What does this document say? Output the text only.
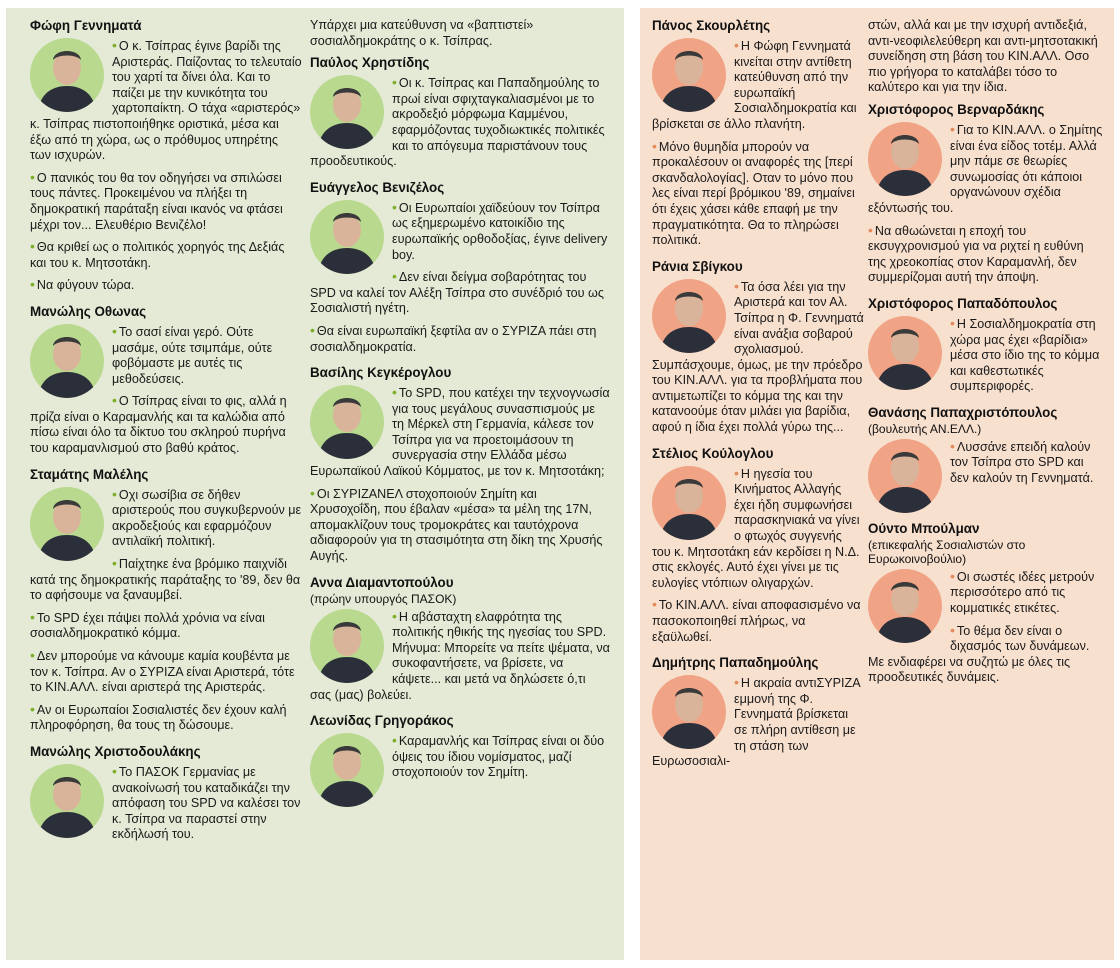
Φώφη Γεννηματά

• Ο κ. Τσίπρας έγινε βαρίδι της Αριστεράς. Παίζοντας το τελευταίο του χαρτί τα δίνει όλα. Και το παίζει με την κυνικότητα του χαρτοπαίκτη. Ο τάχα «αριστερός» κ. Τσίπρας πιστοποιήθηκε οριστικά, μέσα και έξω από τη χώρα, ως ο πρόθυμος υπηρέτης των ισχυρών.

• Ο πανικός του θα τον οδηγήσει να σπιλώσει τους πάντες. Προκειμένου να πλήξει τη δημοκρατική παράταξη είναι ικανός να φτάσει μέχρι τον... Ελευθέριο Βενιζέλο!

• Θα κριθεί ως ο πολιτικός χορηγός της Δεξιάς και του κ. Μητσοτάκη.

• Να φύγουν τώρα.

Μανώλης Οθωνας

• Το σασί είναι γερό. Ούτε μασάμε, ούτε τσιμπάμε, ούτε φοβόμαστε με αυτές τις μεθοδεύσεις.

• Ο Τσίπρας είναι το φις, αλλά η πρίζα είναι ο Καραμανλής και τα καλώδια από πίσω είναι όλο τα δίκτυο του σκληρού πυρήνα του καραμανλισμού στο βαθύ κράτος.

Σταμάτης Μαλέλης

• Οχι σωσίβια σε δήθεν αριστερούς που συγκυβερνούν με ακροδεξιούς και εφαρμόζουν αντιλαϊκή πολιτική.

• Παίχτηκε ένα βρόμικο παιχνίδι κατά της δημοκρατικής παράταξης το '89, δεν θα το αφήσουμε να ξαναυμβεί.

• Το SPD έχει πάψει πολλά χρόνια να είναι σοσιαλδημοκρατικό κόμμα.

• Δεν μπορούμε να κάνουμε καμία κουβέντα με τον κ. Τσίπρα. Αν ο ΣΥΡΙΖΑ είναι Αριστερά, τότε το ΚΙΝ.ΑΛΛ. είναι αριστερά της Αριστεράς.

• Αν οι Ευρωπαίοι Σοσιαλιστές δεν έχουν καλή πληροφόρηση, θα τους τη δώσουμε.

Μανώλης Χριστοδουλάκης

• Το ΠΑΣΟΚ Γερμανίας με ανακοίνωσή του καταδικάζει την απόφαση του SPD να καλέσει τον κ. Τσίπρα να παραστεί στην εκδήλωσή του.

Υπάρχει μια κατεύθυνση να «βαπτιστεί» σοσιαλδημοκράτης ο κ. Τσίπρας.

Παύλος Χρηστίδης

• Οι κ. Τσίπρας και Παπαδημούλης το πρωί είναι σφιχταγκαλιασμένοι με το ακροδεξιό μόρφωμα Καμμένου, εφαρμόζοντας τυχοδιωκτικές πολιτικές και το απόγευμα παριστάνουν τους προοδευτικούς.

Ευάγγελος Βενιζέλος

• Οι Ευρωπαίοι χαϊδεύουν τον Τσίπρα ως εξημερωμένο κατοικίδιο της ευρωπαϊκής ορθοδοξίας, έγινε delivery boy.

• Δεν είναι δείγμα σοβαρότητας του SPD να καλεί τον Αλέξη Τσίπρα στο συνέδριό του ως Σοσιαλιστή ηγέτη.

• Θα είναι ευρωπαϊκή ξεφτίλα αν ο ΣΥΡΙΖΑ πάει στη σοσιαλδημοκρατία.

Βασίλης Κεγκέρογλου

• Το SPD, που κατέχει την τεχνογνωσία για τους μεγάλους συνασπισμούς με τη Μέρκελ στη Γερμανία, κάλεσε τον Τσίπρα για να προετοιμάσουν τη συνεργασία στην Ελλάδα μέσω Ευρωπαϊκού Λαϊκού Κόμματος, με τον κ. Μητσοτάκη;

• Οι ΣΥΡΙΖΑΝΕΛ στοχοποιούν Σημίτη και Χρυσοχοΐδη, που έβαλαν «μέσα» τα μέλη της 17Ν, απομακλίζουν τους τρομοκράτες και ταυτόχρονα αδιαφορούν για τη στασιμότητα στη δίκη της Χρυσής Αυγής.

Αννα Διαμαντοπούλου
(πρώην υπουργός ΠΑΣΟΚ)

• Η αβάσταχτη ελαφρότητα της πολιτικής ηθικής της ηγεσίας του SPD. Μήνυμα: Μπορείτε να πείτε ψέματα, να συκοφαντήσετε, να βρίσετε, να κάψετε... και μετά να δηλώσετε ό,τι σας (μας) βολεύει.

Λεωνίδας Γρηγοράκος

• Καραμανλής και Τσίπρας είναι οι δύο όψεις του ίδιου νομίσματος, μαζί στοχοποιούν τον Σημίτη.

Πάνος Σκουρλέτης

• Η Φώφη Γεννηματά κινείται στην αντίθετη κατεύθυνση από την ευρωπαϊκή Σοσιαλδημοκρατία και βρίσκεται σε άλλο πλανήτη.

• Μόνο θυμηδία μπορούν να προκαλέσουν οι αναφορές της [περί σκανδαλολογίας]. Οταν το μόνο που λες είναι περί βρόμικου '89, σημαίνει ότι έχεις χάσει κάθε επαφή με την πραγματικότητα. Θα το πληρώσει πολιτικά.

Ράνια Σβίγκου

• Τα όσα λέει για την Αριστερά και τον Αλ. Τσίπρα η Φ. Γεννηματά είναι ανάξια σοβαρού σχολιασμού. Συμπάσχουμε, όμως, με την πρόεδρο του ΚΙΝ.ΑΛΛ. για τα προβλήματα που αντιμετωπίζει το κόμμα της και την κατανοούμε όταν μιλάει για βαρίδια, αφού η ίδια έχει πολλά γύρω της...

Στέλιος Κούλογλου

• Η ηγεσία του Κινήματος Αλλαγής έχει ήδη συμφωνήσει παρασκηνιακά να γίνει ο φτωχός συγγενής του κ. Μητσοτάκη εάν κερδίσει η Ν.Δ. στις εκλογές. Αυτό έχει γίνει με τις ευλογίες ντόπιων ολιγαρχών.

• Το ΚΙΝ.ΑΛΛ. είναι αποφασισμένο να πασοκοποιηθεί πλήρως, να εξαϋλωθεί.

Δημήτρης Παπαδημούλης

• Η ακραία αντιΣΥΡΙΖΑ εμμονή της Φ. Γεννηματά βρίσκεται σε πλήρη αντίθεση με τη στάση των Ευρωσοσιαλι-

στών, αλλά και με την ισχυρή αντιδεξιά, αντι-νεοφιλελεύθερη και αντι-μητσοτακική συνείδηση στη βάση του ΚΙΝ.ΑΛΛ. Οσο πιο γρήγορα το καταλάβει τόσο το καλύτερο και για την ίδια.

Χριστόφορος Βερναρδάκης

• Για το ΚΙΝ.ΑΛΛ. ο Σημίτης είναι ένα είδος τοτέμ. Αλλά μην πάμε σε θεωρίες συνωμοσίας ότι κάποιοι οργανώνουν σχέδια εξόντωσής του.

• Να αθωώνεται η εποχή του εκσυγχρονισμού για να ριχτεί η ευθύνη της χρεοκοπίας στον Καραμανλή, δεν συμμερίζομαι αυτή την άποψη.

Χριστόφορος Παπαδόπουλος

• Η Σοσιαλδημοκρατία στη χώρα μας έχει «βαρίδια» μέσα στο ίδιο της το κόμμα και καθεστωτικές συμπεριφορές.

Θανάσης Παπαχριστόπουλος
(βουλευτής ΑΝ.ΕΛΛ.)

• Λυσσάνε επειδή καλούν τον Τσίπρα στο SPD και δεν καλούν τη Γεννηματά.

Ούντο Μπούλμαν
(επικεφαλής Σοσιαλιστών στο Ευρωκοινοβούλιο)

• Οι σωστές ιδέες μετρούν περισσότερο από τις κομματικές ετικέτες.

• Το θέμα δεν είναι ο διχασμός των δυνάμεων. Με ενδιαφέρει να συζητώ με όλες τις προοδευτικές δυνάμεις.
